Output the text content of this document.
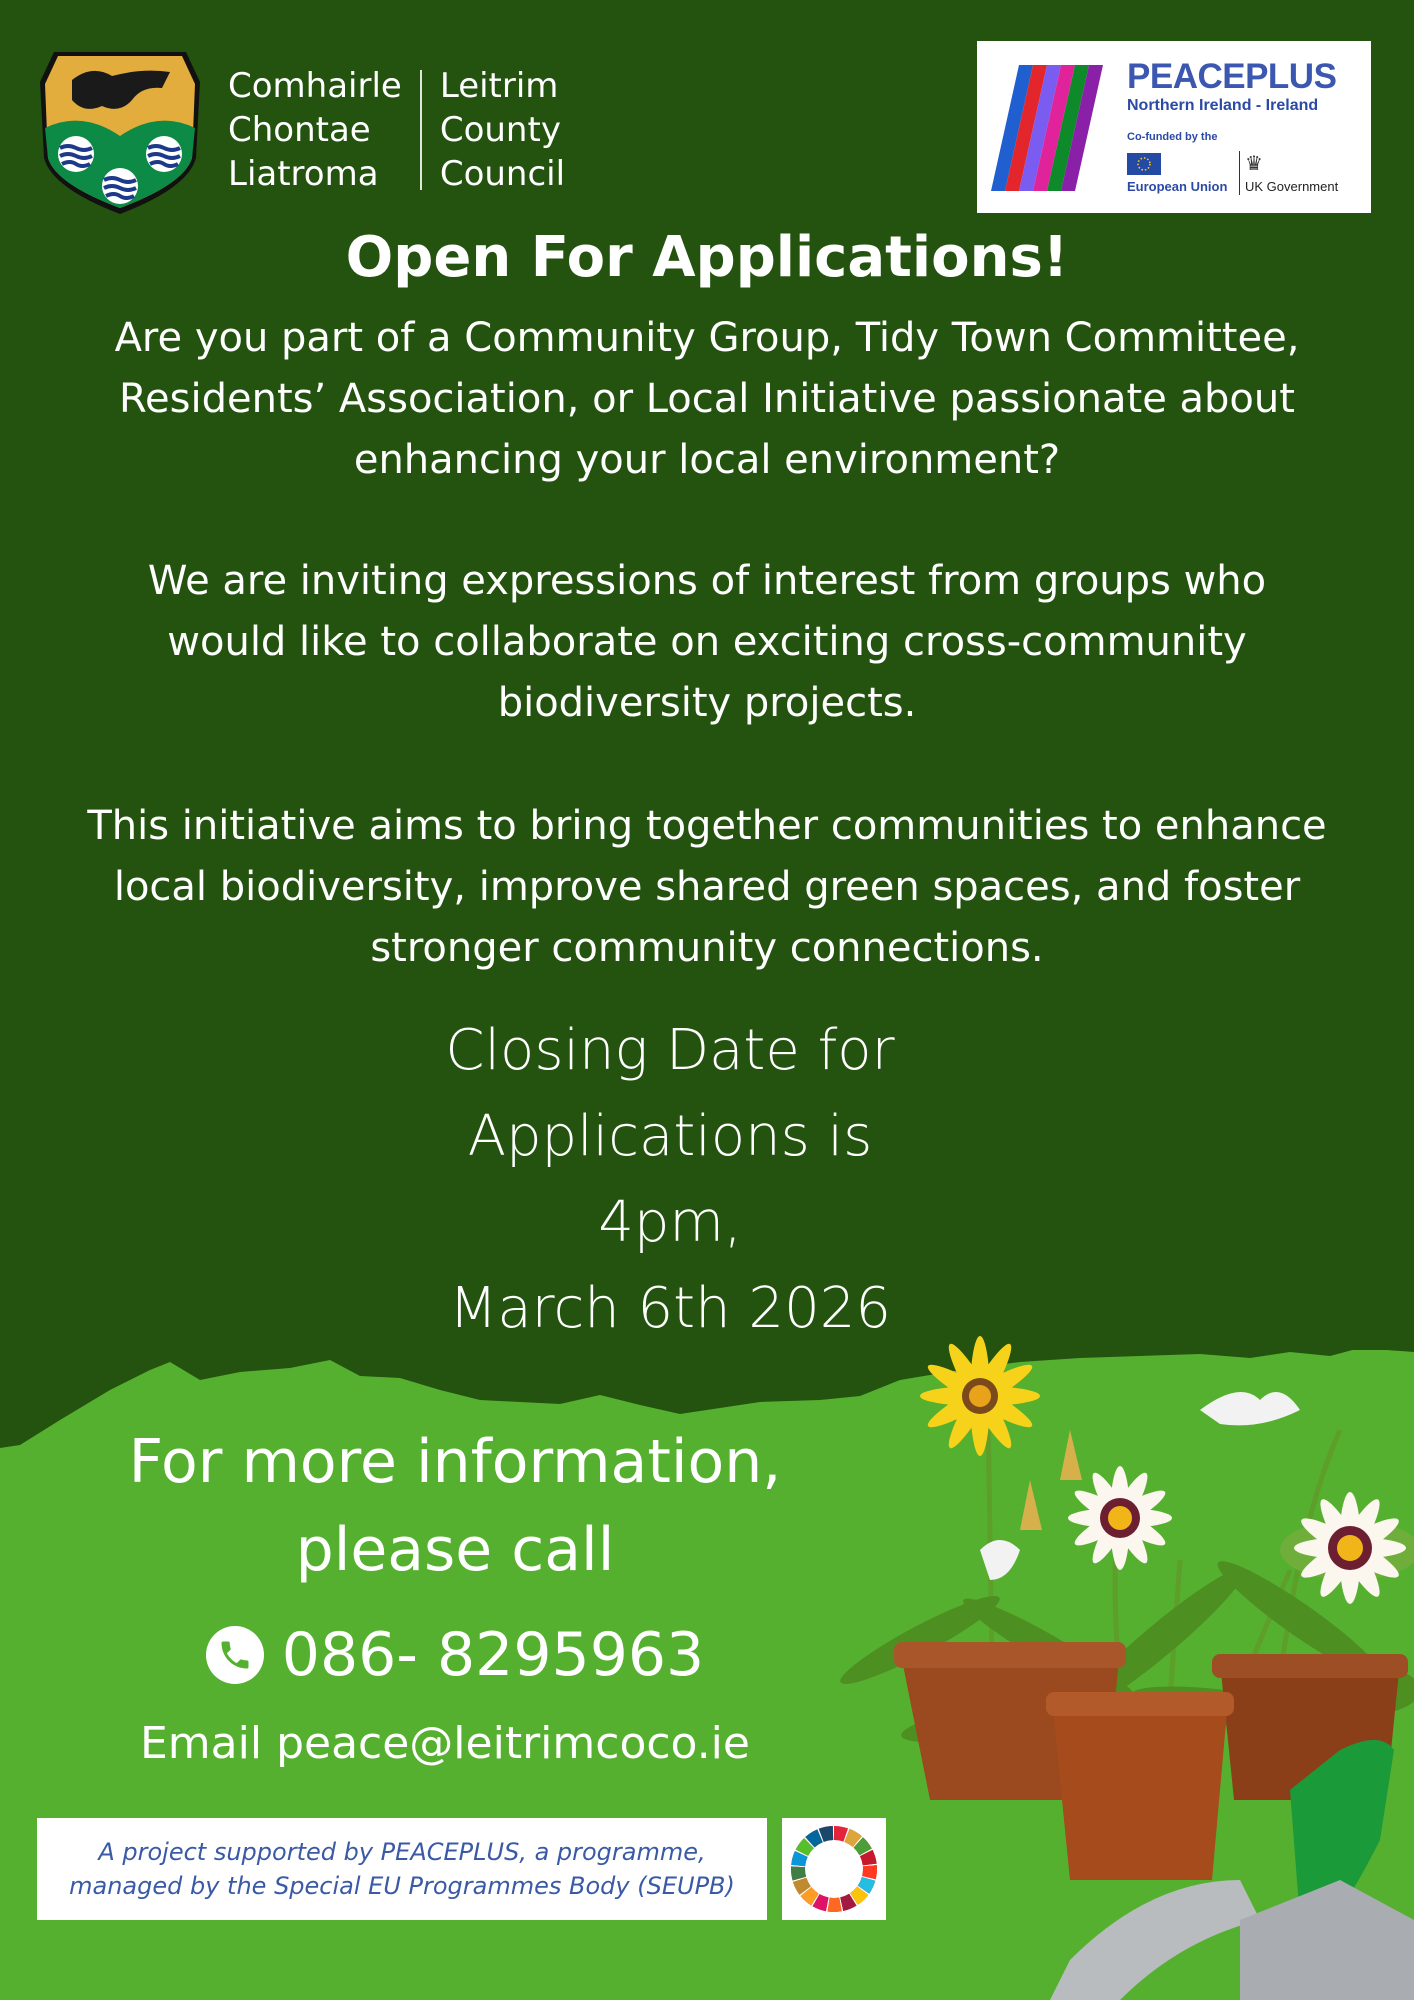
Comhairle
Chontae
Liatroma
Leitrim
County
Council
PEACEPLUS
Northern Ireland - Ireland
Co-funded by the
European Union
♛
UK Government
Open For Applications!
Are you part of a Community Group, Tidy Town Committee,
Residents’ Association, or Local Initiative passionate about
enhancing your local environment?
We are inviting expressions of interest from groups who
would like to collaborate on exciting cross-community
biodiversity projects.
This initiative aims to bring together communities to enhance
local biodiversity, improve shared green spaces, and foster
stronger community connections.
Closing Date for
Applications is
4pm,
March 6th 2026
For more information,
please call
086- 8295963
Email peace@leitrimcoco.ie
A project supported by PEACEPLUS, a programme,
managed by the Special EU Programmes Body (SEUPB)
